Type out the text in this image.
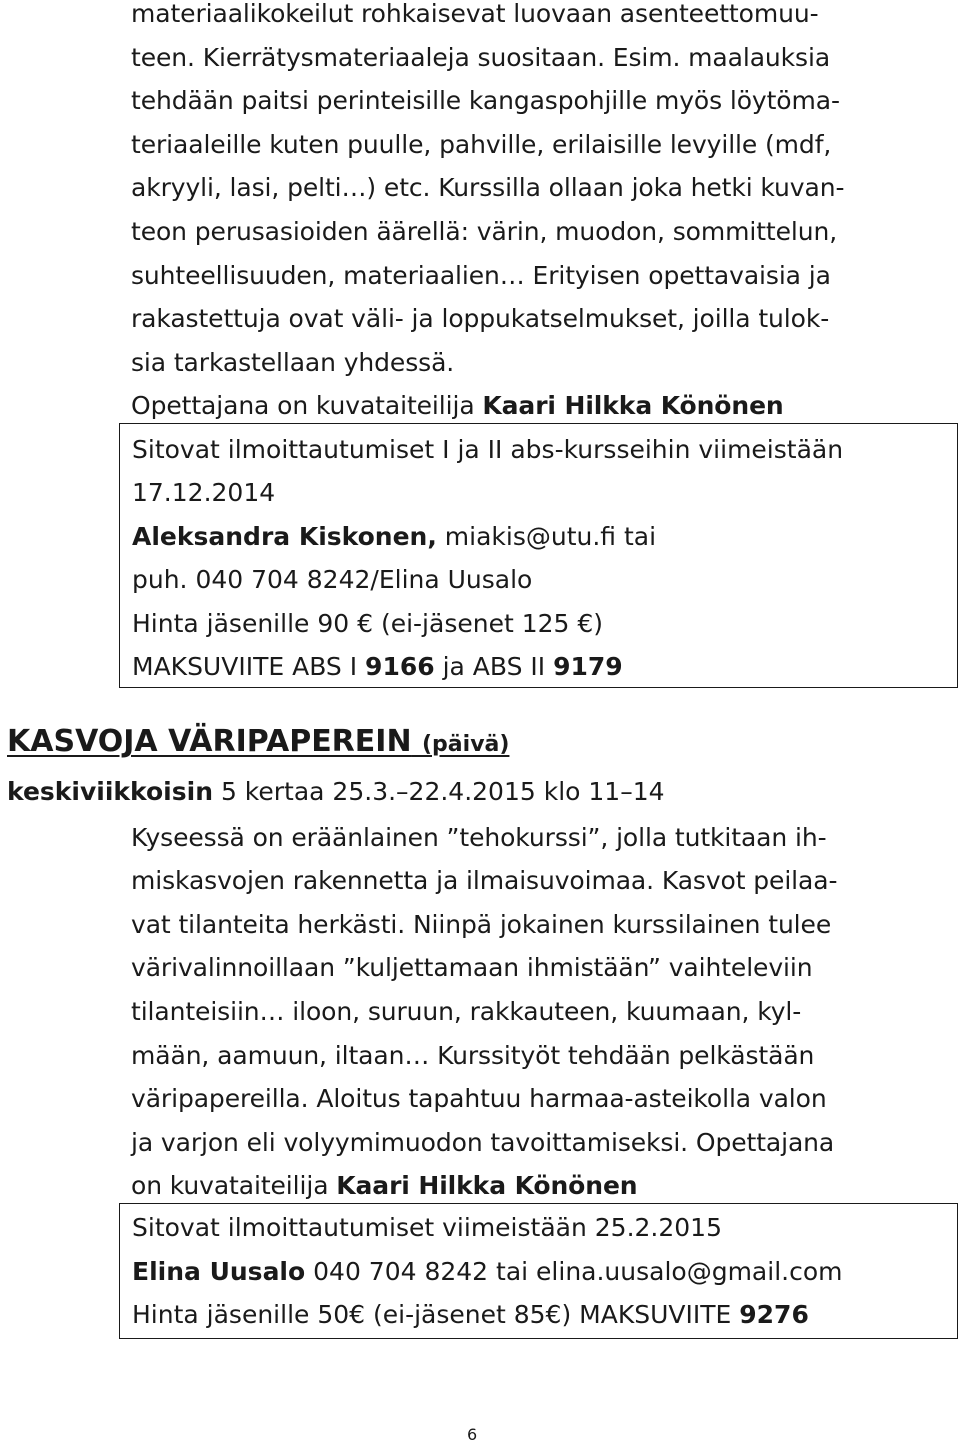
materiaalikokeilut rohkaisevat luovaan asenteettomuu-

teen. Kierrätysmateriaaleja suositaan. Esim. maalauksia

tehdään paitsi perinteisille kangaspohjille myös löytöma-

teriaaleille kuten puulle, pahville, erilaisille levyille (mdf,

akryyli, lasi, pelti…) etc. Kurssilla ollaan joka hetki kuvan-

teon perusasioiden äärellä: värin, muodon, sommittelun,

suhteellisuuden, materiaalien… Erityisen opettavaisia ja

rakastettuja ovat väli- ja loppukatselmukset, joilla tulok-

sia tarkastellaan yhdessä.

Opettajana on kuvataiteilija Kaari Hilkka Könönen

Sitovat ilmoittautumiset I ja II abs-kursseihin viimeistään
17.12.2014
Aleksandra Kiskonen, miakis@utu.fi tai
puh. 040 704 8242/Elina Uusalo
Hinta jäsenille 90 € (ei-jäsenet 125 €)
MAKSUVIITE ABS I 9166 ja ABS II 9179
KASVOJA VÄRIPAPEREIN (päivä)
keskiviikkoisin 5 kertaa 25.3.–22.4.2015 klo 11–14

Kyseessä on eräänlainen ”tehokurssi”, jolla tutkitaan ih-

miskasvojen rakennetta ja ilmaisuvoimaa. Kasvot peilaa-

vat tilanteita herkästi. Niinpä jokainen kurssilainen tulee

värivalinnoillaan ”kuljettamaan ihmistään” vaihteleviin

tilanteisiin… iloon, suruun, rakkauteen, kuumaan, kyl-

mään, aamuun, iltaan… Kurssityöt tehdään pelkästään

väripapereilla. Aloitus tapahtuu harmaa-asteikolla valon

ja varjon eli volyymimuodon tavoittamiseksi. Opettajana

on kuvataiteilija Kaari Hilkka Könönen

Sitovat ilmoittautumiset viimeistään 25.2.2015
Elina Uusalo 040 704 8242 tai elina.uusalo@gmail.com
Hinta jäsenille 50€ (ei-jäsenet 85€) MAKSUVIITE 9276
6
